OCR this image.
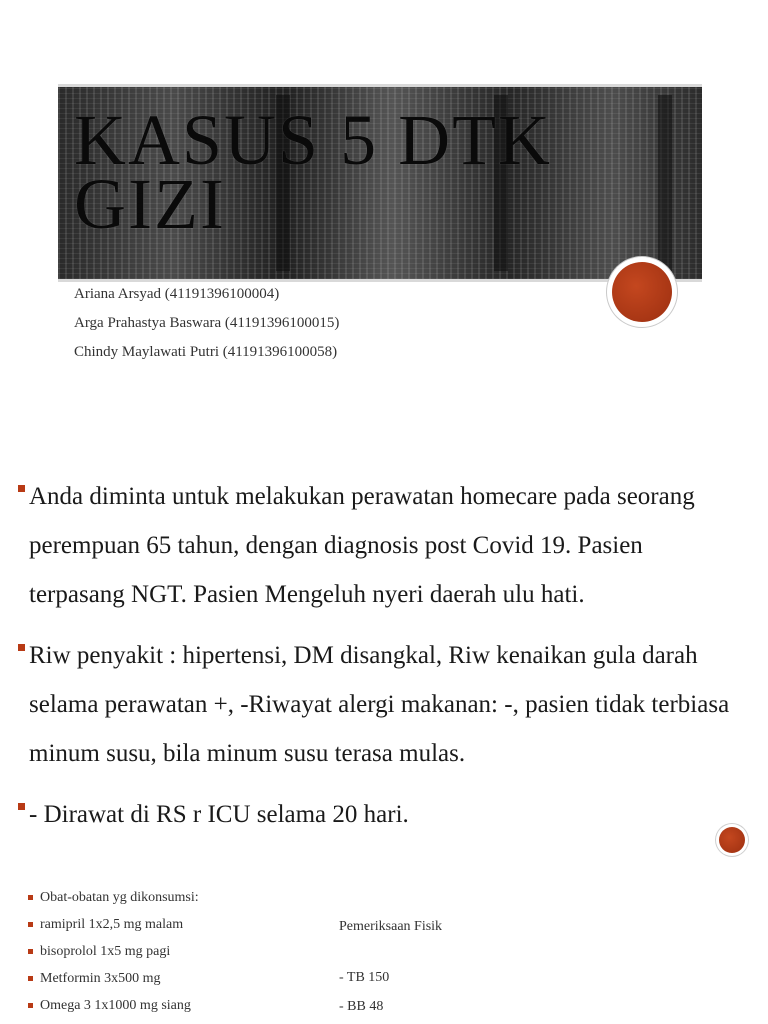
KASUS 5 DTK GIZI
Ariana Arsyad (41191396100004)
Arga Prahastya Baswara (41191396100015)
Chindy Maylawati Putri (41191396100058)
Anda diminta untuk melakukan perawatan homecare pada seorang perempuan 65 tahun, dengan diagnosis post Covid 19. Pasien terpasang NGT. Pasien Mengeluh nyeri daerah ulu hati.
Riw penyakit : hipertensi, DM disangkal, Riw kenaikan gula darah selama perawatan +, -Riwayat alergi makanan: -, pasien tidak terbiasa minum susu, bila minum susu terasa mulas.
- Dirawat di RS r ICU selama 20 hari.
Obat-obatan yg dikonsumsi:
ramipril 1x2,5 mg malam
bisoprolol 1x5 mg pagi
Metformin 3x500 mg
Omega 3 1x1000 mg siang
Pemeriksaan Fisik
- TB 150
- BB 48
